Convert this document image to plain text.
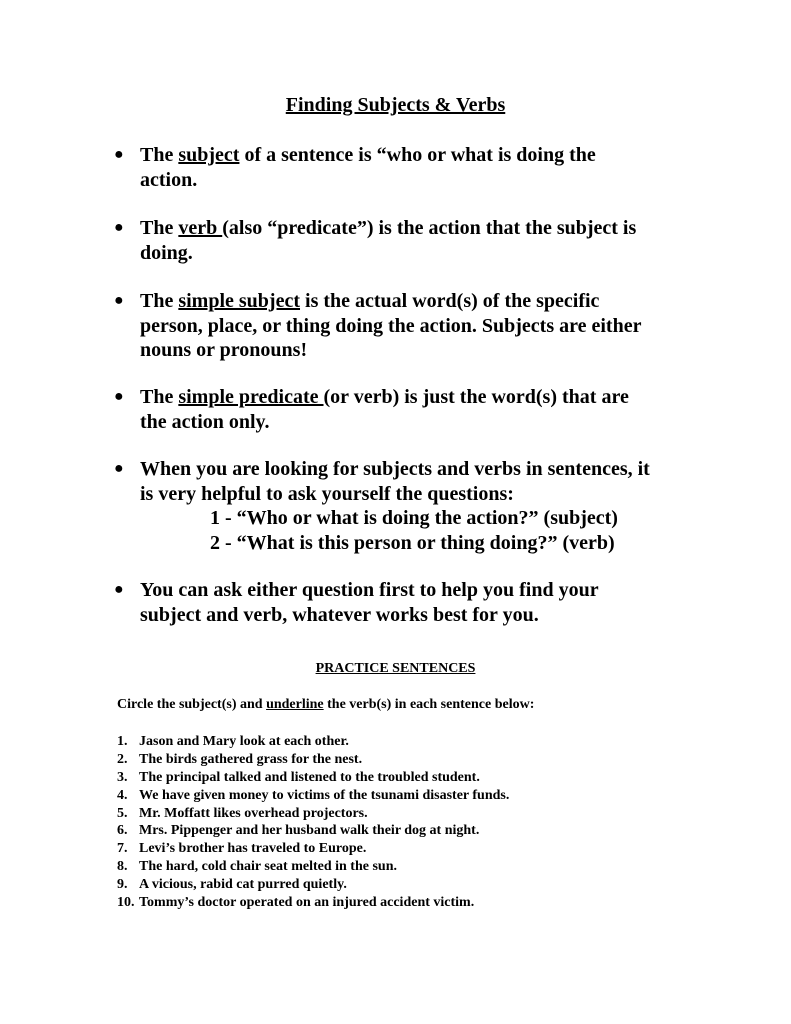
Finding Subjects & Verbs
● The subject of a sentence is “who or what is doing the
action.
● The verb (also “predicate”) is the action that the subject is
doing.
● The simple subject is the actual word(s) of the specific
person, place, or thing doing the action. Subjects are either
nouns or pronouns!
● The simple predicate (or verb) is just the word(s) that are
the action only.
● When you are looking for subjects and verbs in sentences, it
is very helpful to ask yourself the questions:
1 - “Who or what is doing the action?” (subject)
2 - “What is this person or thing doing?” (verb)
● You can ask either question first to help you find your
subject and verb, whatever works best for you.
PRACTICE SENTENCES
Circle the subject(s) and underline the verb(s) in each sentence below:
1. Jason and Mary look at each other.
2. The birds gathered grass for the nest.
3. The principal talked and listened to the troubled student.
4. We have given money to victims of the tsunami disaster funds.
5. Mr. Moffatt likes overhead projectors.
6. Mrs. Pippenger and her husband walk their dog at night.
7. Levi’s brother has traveled to Europe.
8. The hard, cold chair seat melted in the sun.
9. A vicious, rabid cat purred quietly.
10. Tommy’s doctor operated on an injured accident victim.
